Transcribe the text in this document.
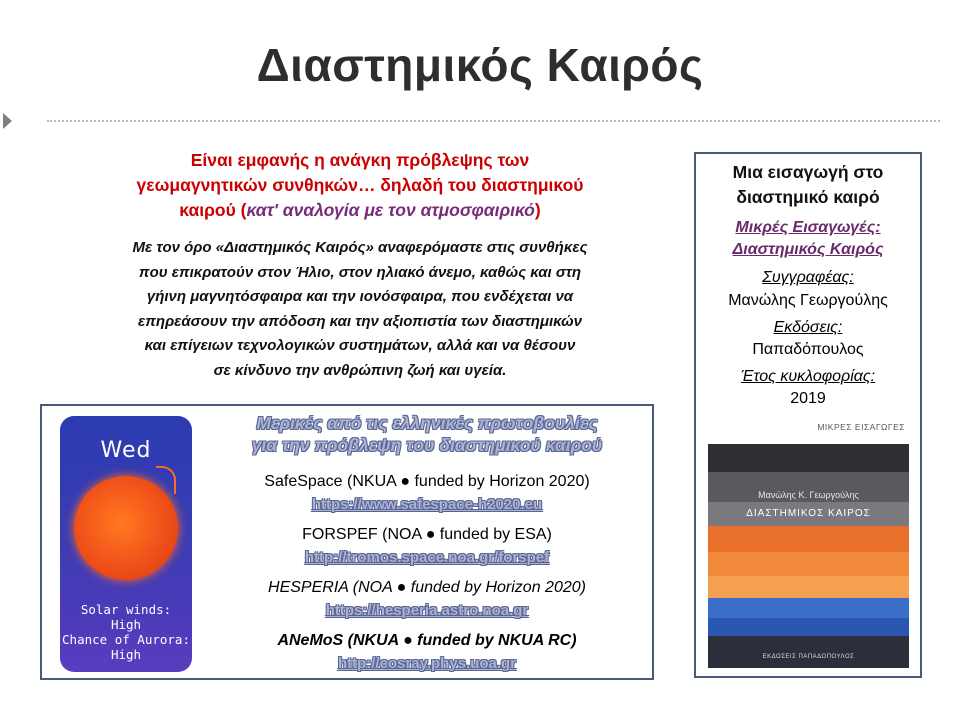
Διαστημικός Καιρός
Είναι εμφανής η ανάγκη πρόβλεψης των
γεωμαγνητικών συνθηκών… δηλαδή του διαστημικού
καιρού (κατ' αναλογία με τον ατμοσφαιρικό)
Με τον όρο «Διαστημικός Καιρός» αναφερόμαστε στις συνθήκες
που επικρατούν στον Ήλιο, στον ηλιακό άνεμο, καθώς και στη
γήινη μαγνητόσφαιρα και την ιονόσφαιρα, που ενδέχεται να
επηρεάσουν την απόδοση και την αξιοπιστία των διαστημικών
και επίγειων τεχνολογικών συστημάτων, αλλά και να θέσουν
σε κίνδυνο την ανθρώπινη ζωή και υγεία.
Wed
Solar winds:
High
Chance of Aurora:
High
Μερικές από τις ελληνικές πρωτοβουλίες
για την πρόβλεψη του διαστημικού καιρού
SafeSpace (NKUA ● funded by Horizon 2020)
https://www.safespace-h2020.eu
FORSPEF (NOA ● funded by ESA)
http://tromos.space.noa.gr/forspef
HESPERIA (NOA ● funded by Horizon 2020)
https://hesperia.astro.noa.gr
ANeMoS (NKUA ● funded by NKUA RC)
http://cosray.phys.uoa.gr
Μια εισαγωγή στο
διαστημικό καιρό
Μικρές Εισαγωγές:
Διαστημικός Καιρός
Συγγραφέας:
Μανώλης Γεωργούλης
Εκδόσεις:
Παπαδόπουλος
Έτος κυκλοφορίας:
2019
ΜΙΚΡΕΣ ΕΙΣΑΓΩΓΕΣ
Μανώλης Κ. Γεωργούλης
ΔΙΑΣΤΗΜΙΚΟΣ ΚΑΙΡΟΣ
ΕΚΔΟΣΕΙΣ ΠΑΠΑΔΟΠΟΥΛΟΣ
